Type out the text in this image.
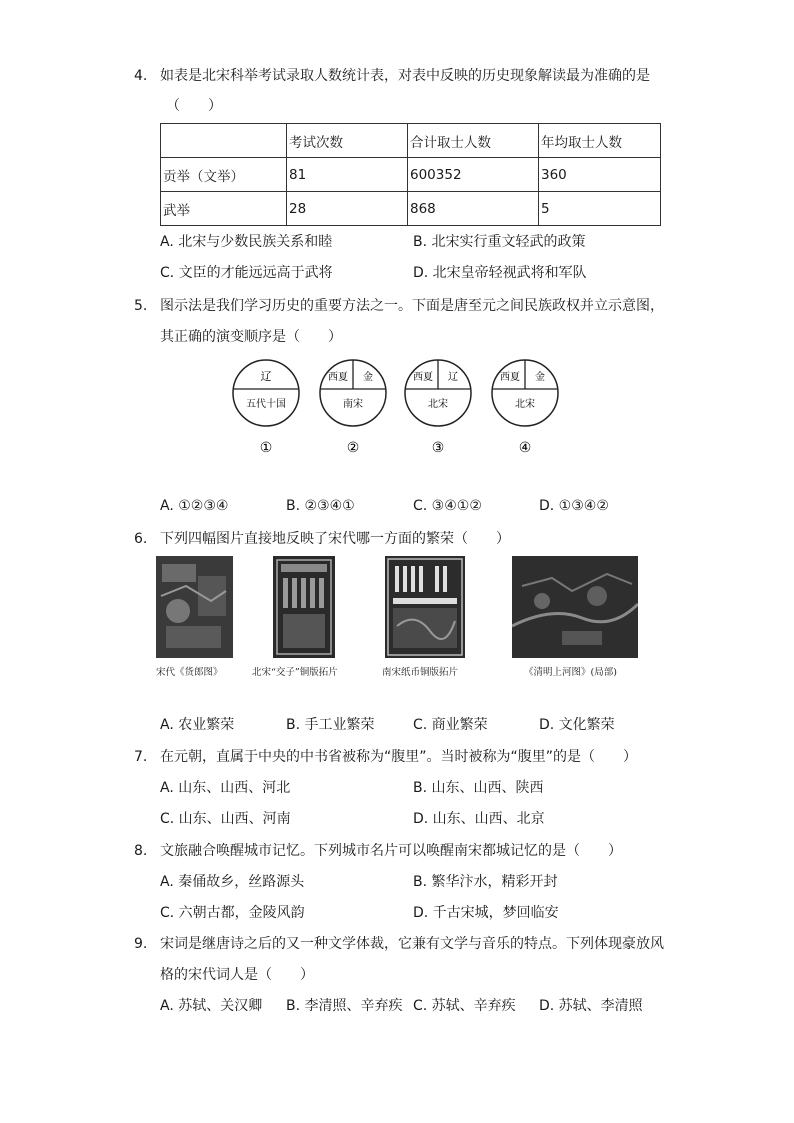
4. 如表是北宋科举考试录取人数统计表，对表中反映的历史现象解读最为准确的是
（　　）
	考试次数	合计取士人数	年均取士人数
贡举（文举）	81	600352	360
武举	28	868	5
A. 北宋与少数民族关系和睦	B. 北宋实行重文轻武的政策
C. 文臣的才能远远高于武将	D. 北宋皇帝轻视武将和军队
5. 图示法是我们学习历史的重要方法之一。下面是唐至元之间民族政权并立示意图，
其正确的演变顺序是（　　）
辽
五代十国
①
西夏 金
南宋
②
西夏 辽
北宋
③
西夏 金
北宋
④
A. ①②③④	B. ②③④①	C. ③④①②	D. ①③④②
6. 下列四幅图片直接地反映了宋代哪一方面的繁荣（　　）
宋代《货郎图》	北宋“交子”铜版拓片	南宋纸币铜版拓片	《清明上河图》(局部)
A. 农业繁荣	B. 手工业繁荣	C. 商业繁荣	D. 文化繁荣
7. 在元朝，直属于中央的中书省被称为“腹里”。当时被称为“腹里”的是（　　）
A. 山东、山西、河北	B. 山东、山西、陕西
C. 山东、山西、河南	D. 山东、山西、北京
8. 文旅融合唤醒城市记忆。下列城市名片可以唤醒南宋都城记忆的是（　　）
A. 秦俑故乡，丝路源头	B. 繁华汴水，精彩开封
C. 六朝古都，金陵风韵	D. 千古宋城，梦回临安
9. 宋词是继唐诗之后的又一种文学体裁，它兼有文学与音乐的特点。下列体现豪放风
格的宋代词人是（　　）
A. 苏轼、关汉卿 B. 李清照、辛弃疾 C. 苏轼、辛弃疾 D. 苏轼、李清照
